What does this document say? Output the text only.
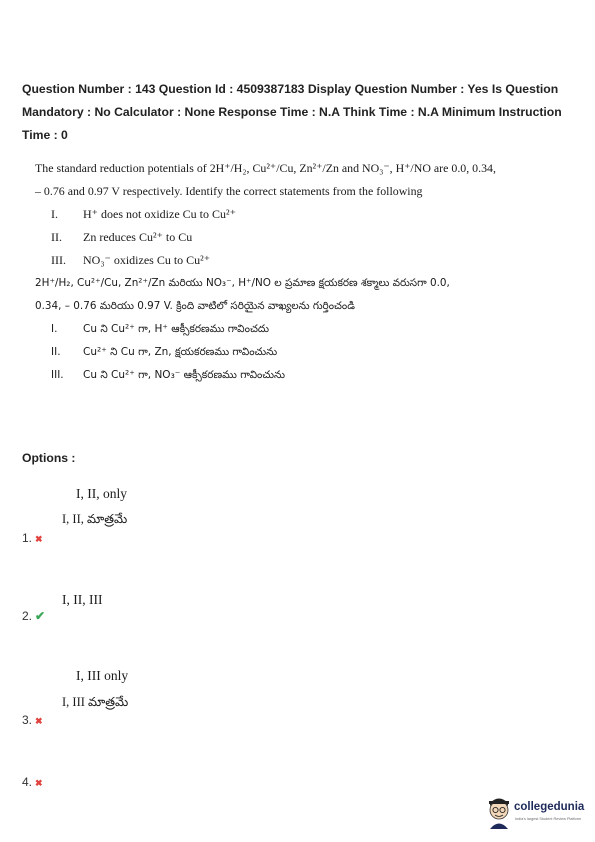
Question Number : 143 Question Id : 4509387183 Display Question Number : Yes Is Question
Mandatory : No Calculator : None Response Time : N.A Think Time : N.A Minimum Instruction
Time : 0
The standard reduction potentials of 2H⁺/H₂, Cu²⁺/Cu, Zn²⁺/Zn and NO₃⁻, H⁺/NO are 0.0, 0.34,
– 0.76 and 0.97 V respectively. Identify the correct statements from the following
I.	H⁺ does not oxidize Cu to Cu²⁺
II.	Zn reduces Cu²⁺ to Cu
III.	NO₃⁻ oxidizes Cu to Cu²⁺
2H⁺/H₂, Cu²⁺/Cu, Zn²⁺/Zn మరియు NO₃⁻, H⁺/NO ల ప్రమాణ క్షయకరణ శక్మాలు వరుసగా 0.0,
0.34, – 0.76 మరియు 0.97 V. క్రింది వాటిలో సరియైన వాఖ్యలను గుర్తించండి
I.	Cu ని Cu²⁺ గా, H⁺ ఆక్సీకరణము గావించదు
II.	Cu²⁺ ని Cu గా, Zn, క్షయకరణము గావించును
III.	Cu ని Cu²⁺ గా, NO₃⁻ ఆక్సీకరణము గావించును
Options :
I, II, only
I, II, మాత్రమే
1. ✖
I, II, III
2. ✔
I, III only
I, III మాత్రమే
3. ✖
4. ✖
collegedunia
India's largest Student Review Platform
